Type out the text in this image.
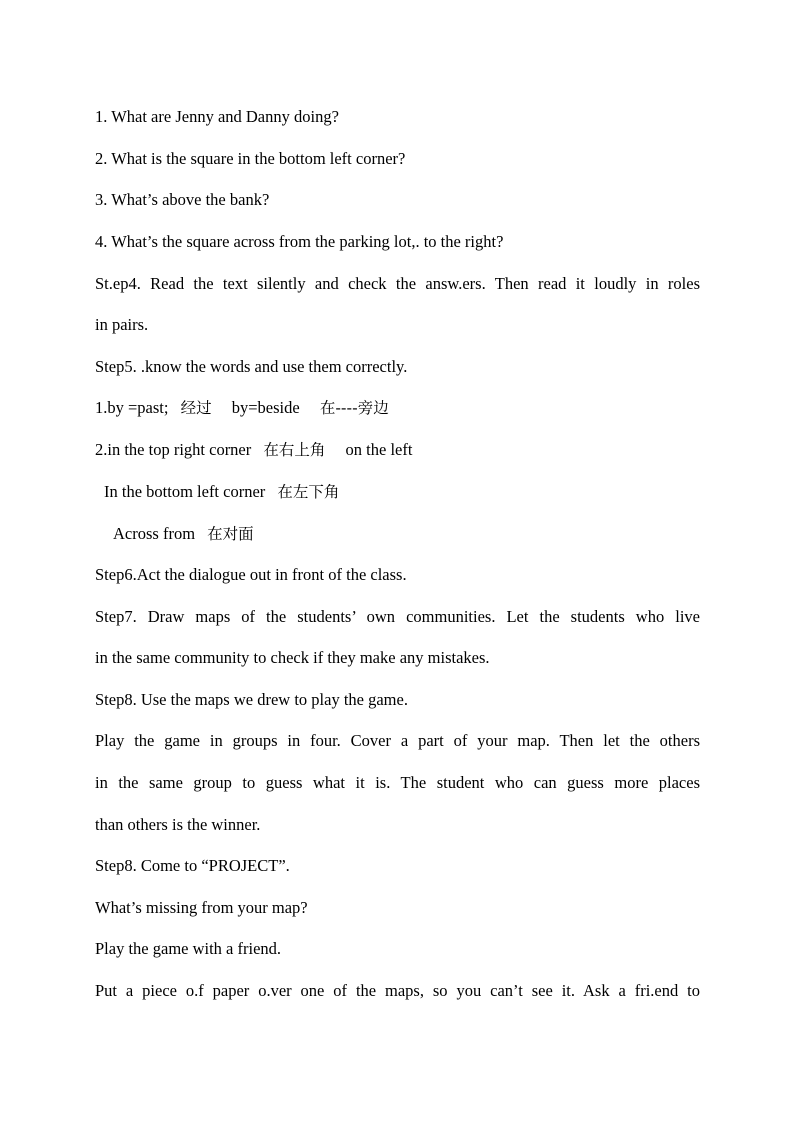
1. What are Jenny and Danny doing?
2. What is the square in the bottom left corner?
3. What’s above the bank?
4. What’s the square across from the parking lot,. to the right?
St.ep4. Read the text silently and check the answ.ers. Then read it loudly in roles
in pairs.
Step5. .know the words and use them correctly.
1.by =past; 经过 by=beside 在----旁边
2.in the top right corner 在右上角 on the left
In the bottom left corner 在左下角
Across from 在对面
Step6.Act the dialogue out in front of the class.
Step7. Draw maps of the students’ own communities. Let the students who live
in the same community to check if they make any mistakes.
Step8. Use the maps we drew to play the game.
Play the game in groups in four. Cover a part of your map. Then let the others
in the same group to guess what it is. The student who can guess more places
than others is the winner.
Step8. Come to “PROJECT”.
What’s missing from your map?
Play the game with a friend.
Put a piece o.f paper o.ver one of the maps, so you can’t see it. Ask a fri.end to
